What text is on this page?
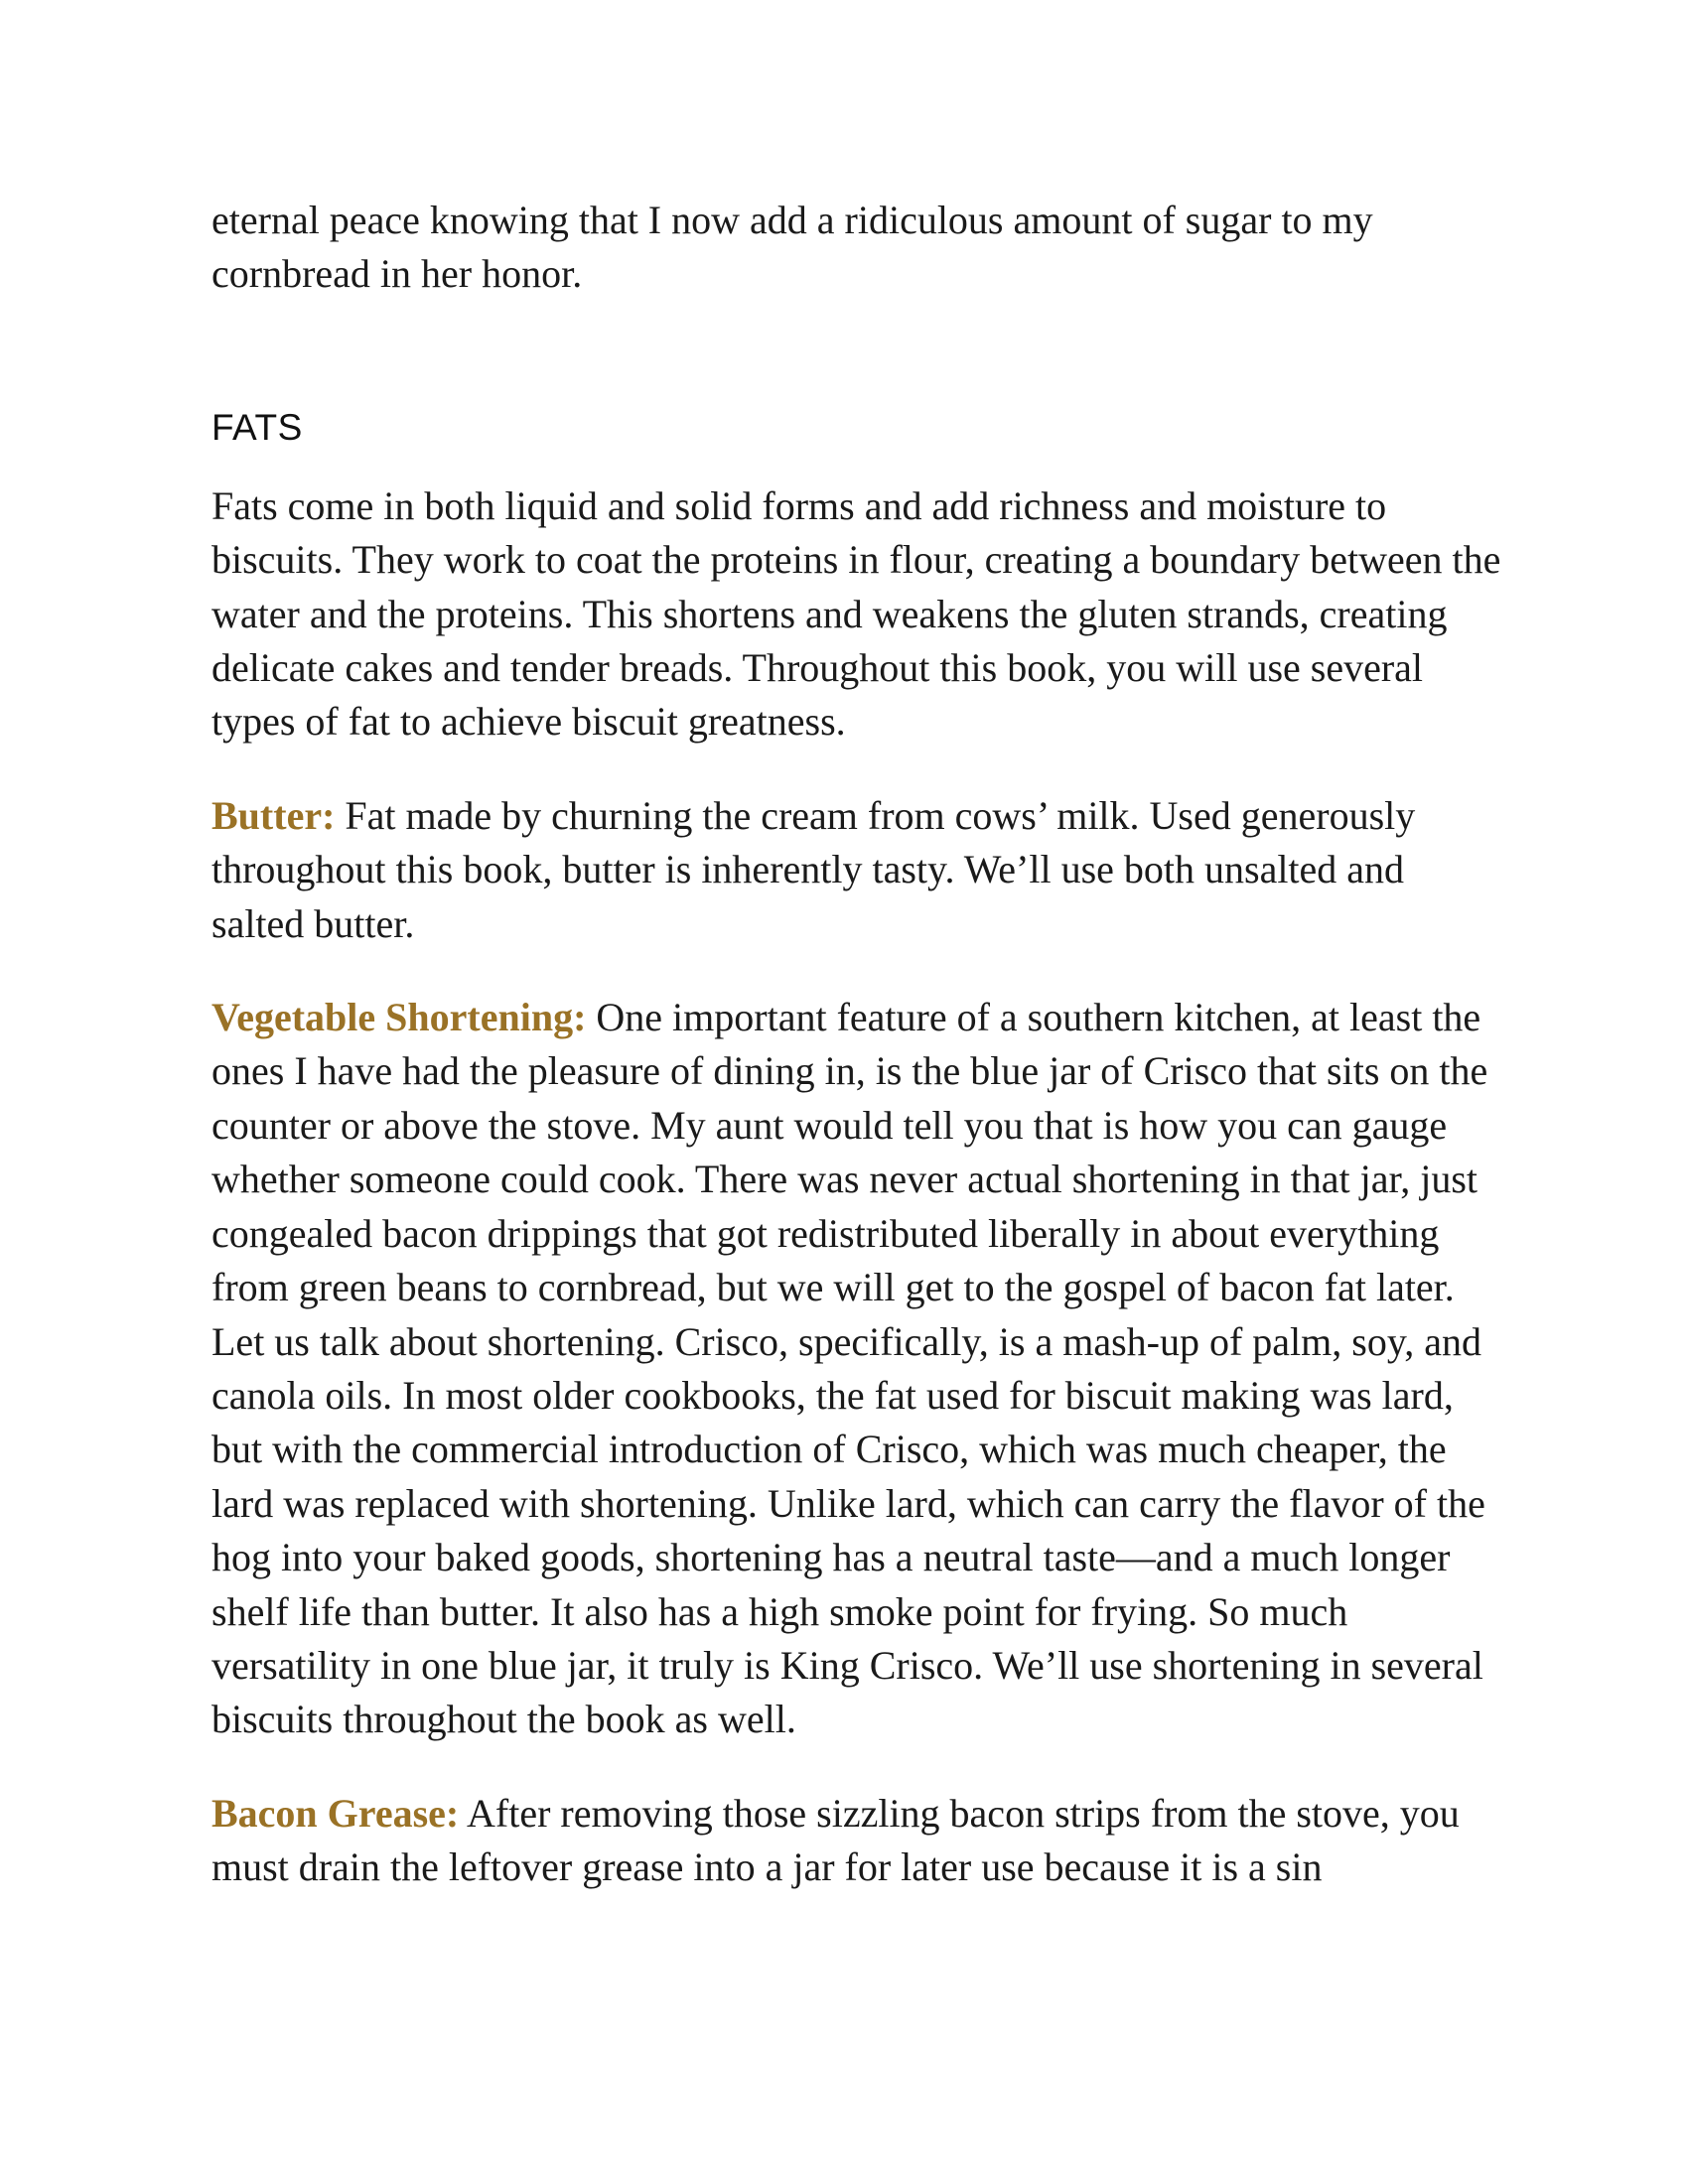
eternal peace knowing that I now add a ridiculous amount of sugar to my cornbread in her honor.

FATS

Fats come in both liquid and solid forms and add richness and moisture to biscuits. They work to coat the proteins in flour, creating a boundary between the water and the proteins. This shortens and weakens the gluten strands, creating delicate cakes and tender breads. Throughout this book, you will use several types of fat to achieve biscuit greatness.

Butter: Fat made by churning the cream from cows’ milk. Used generously throughout this book, butter is inherently tasty. We’ll use both unsalted and salted butter.

Vegetable Shortening: One important feature of a southern kitchen, at least the ones I have had the pleasure of dining in, is the blue jar of Crisco that sits on the counter or above the stove. My aunt would tell you that is how you can gauge whether someone could cook. There was never actual shortening in that jar, just congealed bacon drippings that got redistributed liberally in about everything from green beans to cornbread, but we will get to the gospel of bacon fat later. Let us talk about shortening. Crisco, specifically, is a mash-up of palm, soy, and canola oils. In most older cookbooks, the fat used for biscuit making was lard, but with the commercial introduction of Crisco, which was much cheaper, the lard was replaced with shortening. Unlike lard, which can carry the flavor of the hog into your baked goods, shortening has a neutral taste—and a much longer shelf life than butter. It also has a high smoke point for frying. So much versatility in one blue jar, it truly is King Crisco. We’ll use shortening in several biscuits throughout the book as well.

Bacon Grease: After removing those sizzling bacon strips from the stove, you must drain the leftover grease into a jar for later use because it is a sin
